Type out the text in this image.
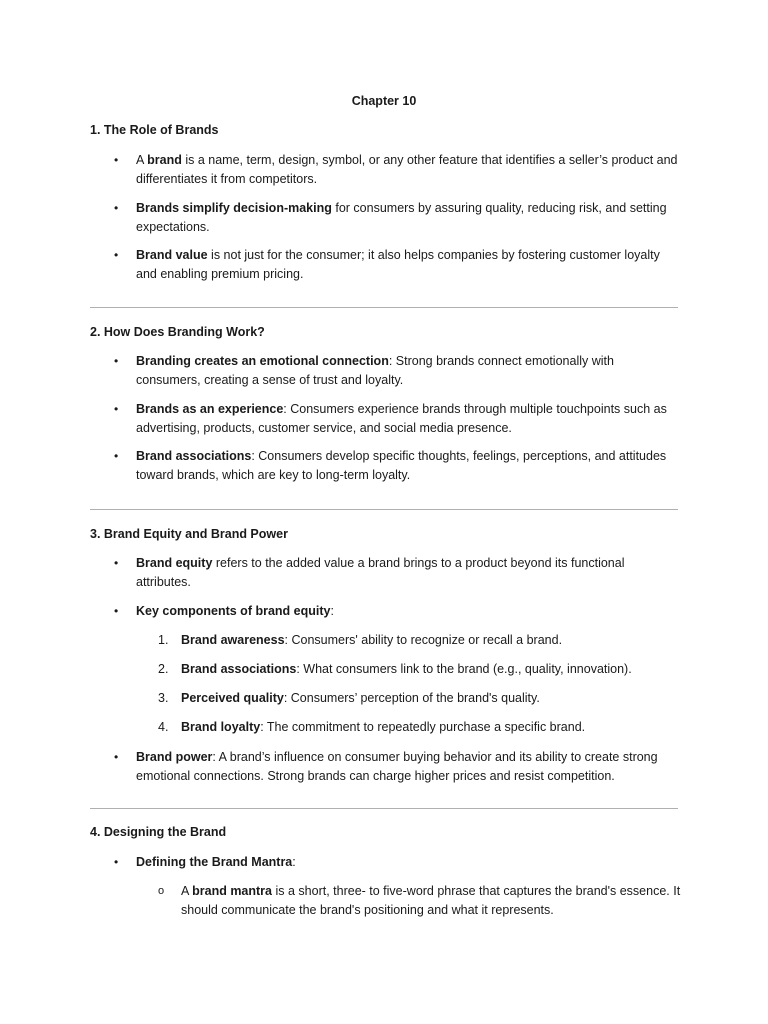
Chapter 10
1. The Role of Brands
• A brand is a name, term, design, symbol, or any other feature that identifies a seller’s product and differentiates it from competitors.
• Brands simplify decision-making for consumers by assuring quality, reducing risk, and setting expectations.
• Brand value is not just for the consumer; it also helps companies by fostering customer loyalty and enabling premium pricing.
2. How Does Branding Work?
• Branding creates an emotional connection: Strong brands connect emotionally with consumers, creating a sense of trust and loyalty.
• Brands as an experience: Consumers experience brands through multiple touchpoints such as advertising, products, customer service, and social media presence.
• Brand associations: Consumers develop specific thoughts, feelings, perceptions, and attitudes toward brands, which are key to long-term loyalty.
3. Brand Equity and Brand Power
• Brand equity refers to the added value a brand brings to a product beyond its functional attributes.
• Key components of brand equity:
1. Brand awareness: Consumers' ability to recognize or recall a brand.
2. Brand associations: What consumers link to the brand (e.g., quality, innovation).
3. Perceived quality: Consumers’ perception of the brand's quality.
4. Brand loyalty: The commitment to repeatedly purchase a specific brand.
• Brand power: A brand’s influence on consumer buying behavior and its ability to create strong emotional connections. Strong brands can charge higher prices and resist competition.
4. Designing the Brand
• Defining the Brand Mantra:
o A brand mantra is a short, three- to five-word phrase that captures the brand's essence. It should communicate the brand's positioning and what it represents.
